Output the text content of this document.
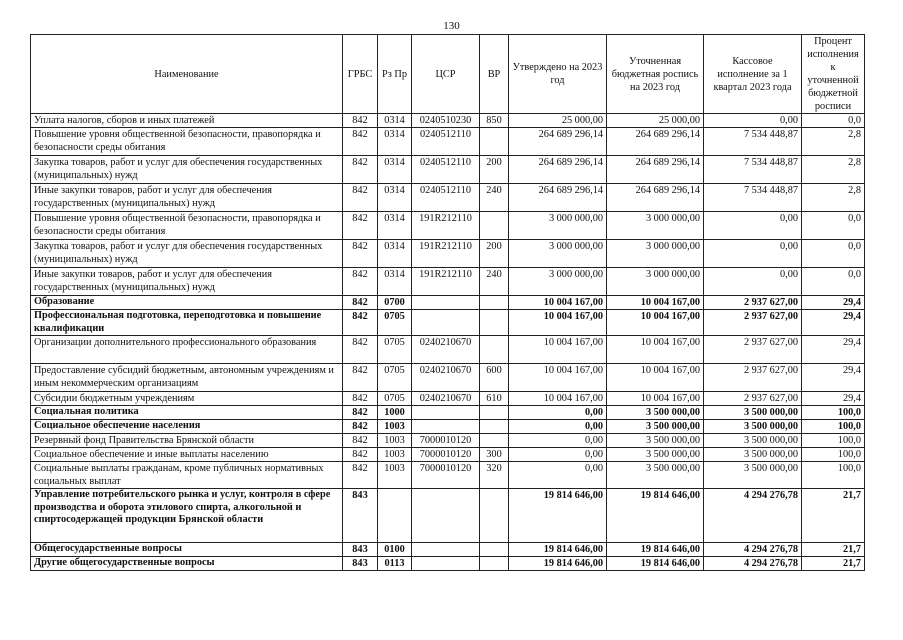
130
Наименование	ГРБС	Рз Пр	ЦСР	ВР	Утверждено на 2023 год	Уточненная бюджетная роспись на 2023 год	Кассовое исполнение за 1 квартал 2023 года	Процент исполнения к уточненной бюджетной росписи
Уплата налогов, сборов и иных платежей	842	0314	0240510230	850	25 000,00	25 000,00	0,00	0,0
Повышение уровня общественной безопасности, правопорядка и безопасности среды обитания	842	0314	0240512110		264 689 296,14	264 689 296,14	7 534 448,87	2,8
Закупка товаров, работ и услуг для обеспечения государственных (муниципальных) нужд	842	0314	0240512110	200	264 689 296,14	264 689 296,14	7 534 448,87	2,8
Иные закупки товаров, работ и услуг для обеспечения государственных (муниципальных) нужд	842	0314	0240512110	240	264 689 296,14	264 689 296,14	7 534 448,87	2,8
Повышение уровня общественной безопасности, правопорядка и безопасности среды обитания	842	0314	191R212110		3 000 000,00	3 000 000,00	0,00	0,0
Закупка товаров, работ и услуг для обеспечения государственных (муниципальных) нужд	842	0314	191R212110	200	3 000 000,00	3 000 000,00	0,00	0,0
Иные закупки товаров, работ и услуг для обеспечения государственных (муниципальных) нужд	842	0314	191R212110	240	3 000 000,00	3 000 000,00	0,00	0,0
Образование	842	0700			10 004 167,00	10 004 167,00	2 937 627,00	29,4
Профессиональная подготовка, переподготовка и повышение квалификации	842	0705			10 004 167,00	10 004 167,00	2 937 627,00	29,4
Организации дополнительного профессионального образования	842	0705	0240210670		10 004 167,00	10 004 167,00	2 937 627,00	29,4
Предоставление субсидий бюджетным, автономным учреждениям и иным некоммерческим организациям	842	0705	0240210670	600	10 004 167,00	10 004 167,00	2 937 627,00	29,4
Субсидии бюджетным учреждениям	842	0705	0240210670	610	10 004 167,00	10 004 167,00	2 937 627,00	29,4
Социальная политика	842	1000			0,00	3 500 000,00	3 500 000,00	100,0
Социальное обеспечение населения	842	1003			0,00	3 500 000,00	3 500 000,00	100,0
Резервный фонд Правительства Брянской области	842	1003	7000010120		0,00	3 500 000,00	3 500 000,00	100,0
Социальное обеспечение и иные выплаты населению	842	1003	7000010120	300	0,00	3 500 000,00	3 500 000,00	100,0
Социальные выплаты гражданам, кроме публичных нормативных социальных выплат	842	1003	7000010120	320	0,00	3 500 000,00	3 500 000,00	100,0
Управление потребительского рынка и услуг, контроля в сфере производства и оборота этилового спирта, алкогольной и спиртосодержащей продукции Брянской области	843				19 814 646,00	19 814 646,00	4 294 276,78	21,7
Общегосударственные вопросы	843	0100			19 814 646,00	19 814 646,00	4 294 276,78	21,7
Другие общегосударственные вопросы	843	0113			19 814 646,00	19 814 646,00	4 294 276,78	21,7
